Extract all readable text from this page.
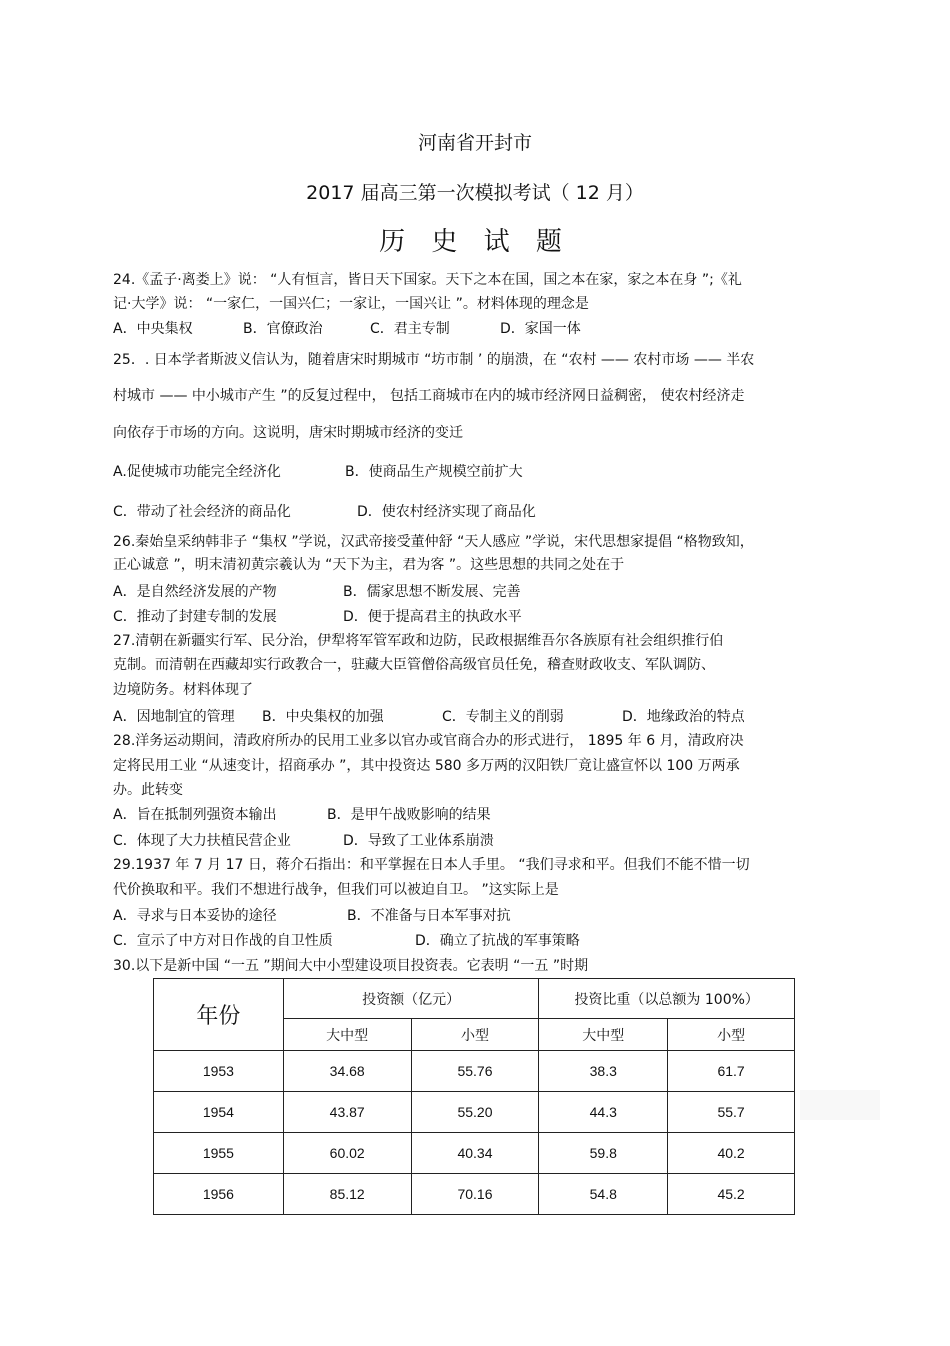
河南省开封市
2017 届高三第一次模拟考试（ 12 月）
历 史 试 题
24.《孟子·离娄上》说： “人有恒言，皆日天下国家。天下之本在国，国之本在家，家之本在身 ”;《礼
记·大学》说： “一家仁，一国兴仁；一家让，一国兴让 ”。材料体现的理念是
A．中央集权	B．官僚政治	C．君主专制	D．家国一体
25．. 日本学者斯波义信认为，随着唐宋时期城市 “坊市制 ’ 的崩溃，在 “农村 —— 农村市场 —— 半农
村城市 —— 中小城市产生 ”的反复过程中， 包括工商城市在内的城市经济网日益稠密， 使农村经济走
向依存于市场的方向。这说明，唐宋时期城市经济的变迁
A.促使城市功能完全经济化	B．使商品生产规模空前扩大
C．带动了社会经济的商品化	D．使农村经济实现了商品化
26.秦始皇采纳韩非子 “集权 ”学说，汉武帝接受董仲舒 “天人感应 ”学说，宋代思想家提倡 “格物致知，
正心诚意 ”，明末清初黄宗羲认为 “天下为主，君为客 ”。这些思想的共同之处在于
A．是自然经济发展的产物	B．儒家思想不断发展、完善
C．推动了封建专制的发展	D．便于提高君主的执政水平
27.清朝在新疆实行军、民分治，伊犁将军管军政和边防，民政根据维吾尔各族原有社会组织推行伯
克制。而清朝在西藏却实行政教合一，驻藏大臣管僧俗高级官员任免，稽查财政收支、军队调防、
边境防务。材料体现了
A．因地制宜的管理 B．中央集权的加强	C．专制主义的削弱	D．地缘政治的特点
28.洋务运动期间，清政府所办的民用工业多以官办或官商合办的形式进行， 1895 年 6 月，清政府决
定将民用工业 “从速变计，招商承办 ”，其中投资达 580 多万两的汉阳铁厂竟让盛宣怀以 100 万两承
办。此转变
A．旨在抵制列强资本输出	B．是甲午战败影响的结果
C．体现了大力扶植民营企业	D．导致了工业体系崩溃
29.1937 年 7 月 17 日，蒋介石指出：和平掌握在日本人手里。 “我们寻求和平。但我们不能不惜一切
代价换取和平。我们不想进行战争，但我们可以被迫自卫。 ”这实际上是
A．寻求与日本妥协的途径	B．不准备与日本军事对抗
C．宣示了中方对日作战的自卫性质	D．确立了抗战的军事策略
30.以下是新中国 “一五 ”期间大中小型建设项目投资表。它表明 “一五 ”时期
年份	投资额（亿元）		投资比重（以总额为 100%）	
	大中型	小型	大中型	小型
1953	34.68	55.76	38.3	61.7
1954	43.87	55.20	44.3	55.7
1955	60.02	40.34	59.8	40.2
1956	85.12	70.16	54.8	45.2
